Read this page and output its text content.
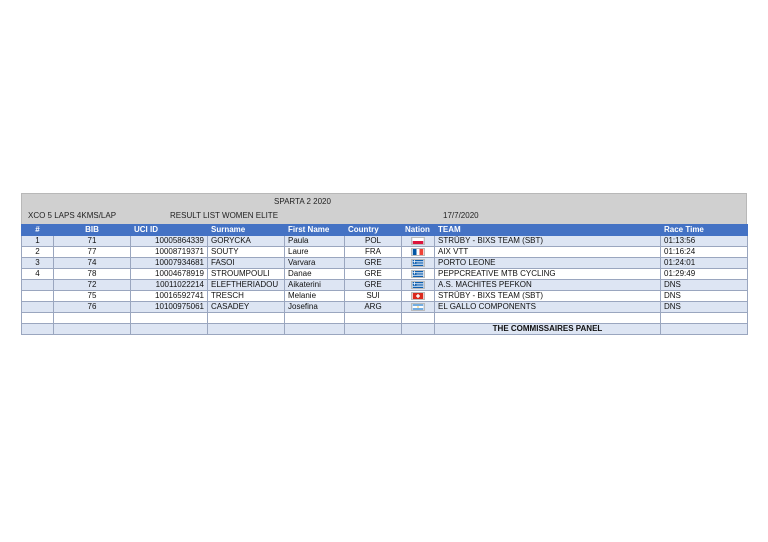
SPARTA 2 2020
XCO 5 LAPS 4KMS/LAP	RESULT LIST WOMEN ELITE	17/7/2020
#	BIB	UCI ID	Surname	First Name	Country	Nation	TEAM	Race Time
1	71	10005864339	GORYCKA	Paula	POL		STRÜBY - BIXS TEAM (SBT)	01:13:56
2	77	10008719371	SOUTY	Laure	FRA		AIX VTT	01:16:24
3	74	10007934681	FASOI	Varvara	GRE		PORTO LEONE	01:24:01
4	78	10004678919	STROUMPOULI	Danae	GRE		PEPPCREATIVE MTB CYCLING	01:29:49
	72	10011022214	ELEFTHERIADOU	Aikaterini	GRE		A.S. MACHITES PEFKON	DNS
	75	10016592741	TRESCH	Melanie	SUI		STRÜBY - BIXS TEAM (SBT)	DNS
	76	10100975061	CASADEY	Josefina	ARG		EL GALLO COMPONENTS	DNS

							THE COMMISSAIRES PANEL	
